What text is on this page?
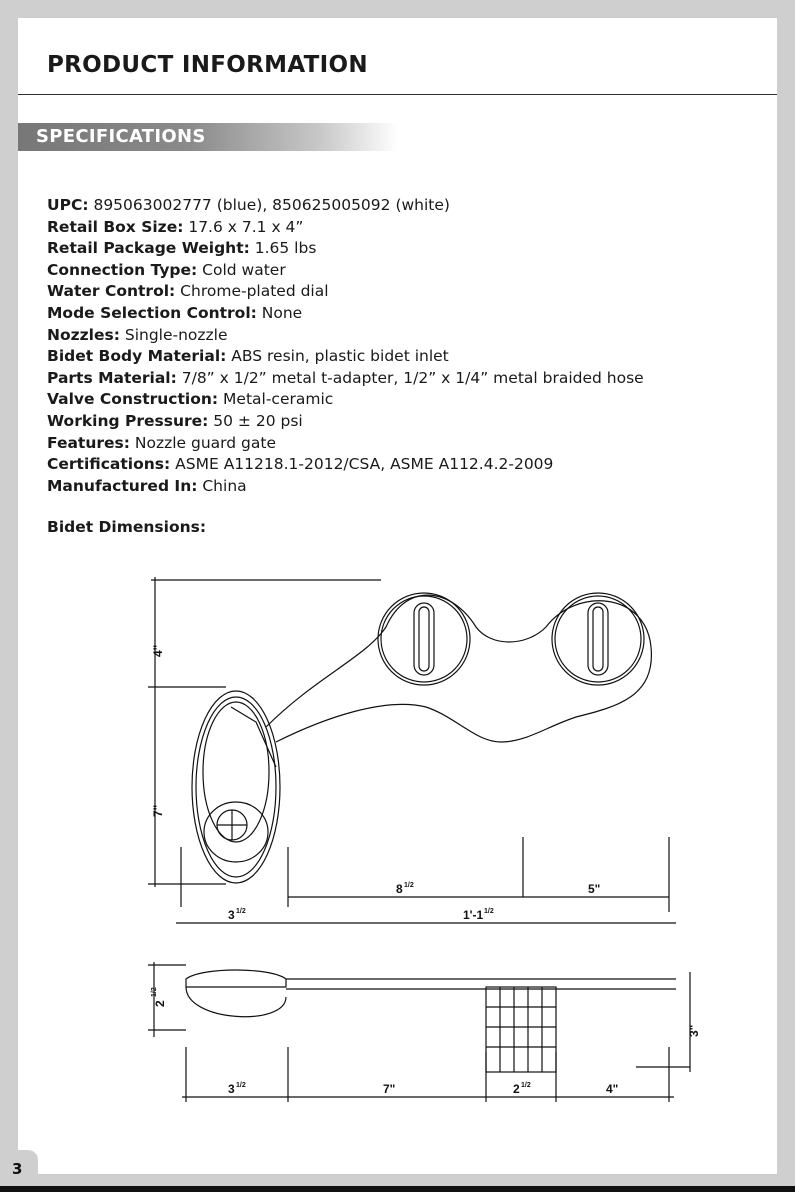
PRODUCT INFORMATION
SPECIFICATIONS
UPC: 895063002777 (blue), 850625005092 (white)
Retail Box Size: 17.6 x 7.1 x 4”
Retail Package Weight: 1.65 lbs
Connection Type: Cold water
Water Control: Chrome-plated dial
Mode Selection Control: None
Nozzles: Single-nozzle
Bidet Body Material: ABS resin, plastic bidet inlet
Parts Material: 7/8” x 1/2” metal t-adapter, 1/2” x 1/4” metal braided hose
Valve Construction: Metal-ceramic
Working Pressure: 50 ± 20 psi
Features: Nozzle guard gate
Certifications: ASME A11218.1-2012/CSA, ASME A112.4.2-2009
Manufactured In: China
Bidet Dimensions:
4"
7"
8 1/2	5"
3 1/2	1'-1 1/2
2
1/2
3"
3 1/2	7"	2 1/2	4"
3
